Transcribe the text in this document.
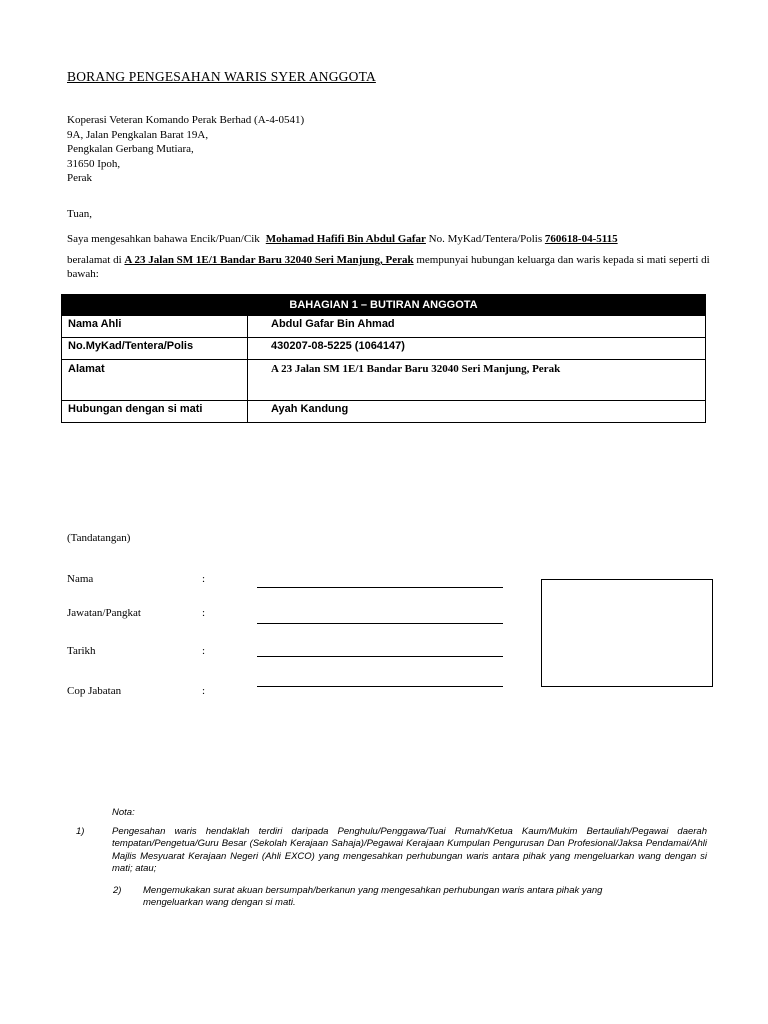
BORANG PENGESAHAN WARIS SYER ANGGOTA
Koperasi Veteran Komando Perak Berhad (A-4-0541)
9A, Jalan Pengkalan Barat 19A,
Pengkalan Gerbang Mutiara,
31650 Ipoh,
Perak
Tuan,
Saya mengesahkan bahawa Encik/Puan/Cik Mohamad Hafifi Bin Abdul Gafar No. MyKad/Tentera/Polis 760618-04-5115
beralamat di A 23 Jalan SM 1E/1 Bandar Baru 32040 Seri Manjung, Perak mempunyai hubungan keluarga dan waris kepada si mati seperti di bawah:
BAHAGIAN 1 – BUTIRAN ANGGOTA	
Nama Ahli	Abdul Gafar Bin Ahmad
No.MyKad/Tentera/Polis	430207-08-5225 (1064147)
Alamat	A 23 Jalan SM 1E/1 Bandar Baru 32040 Seri Manjung, Perak
Hubungan dengan si mati	Ayah Kandung
(Tandatangan)
Nama	:
Jawatan/Pangkat	:
Tarikh	:
Cop Jabatan	:
Nota:
1)	Pengesahan waris hendaklah terdiri daripada Penghulu/Penggawa/Tuai Rumah/Ketua Kaum/Mukim Bertauliah/Pegawai daerah tempatan/Pengetua/Guru Besar (Sekolah Kerajaan Sahaja)/Pegawai Kerajaan Kumpulan Pengurusan Dan Profesional/Jaksa Pendamai/Ahli Majlis Mesyuarat Kerajaan Negeri (Ahli EXCO) yang mengesahkan perhubungan waris antara pihak yang mengeluarkan wang dengan si mati; atau;
2) Mengemukakan surat akuan bersumpah/berkanun yang mengesahkan perhubungan waris antara pihak yang mengeluarkan wang dengan si mati.
